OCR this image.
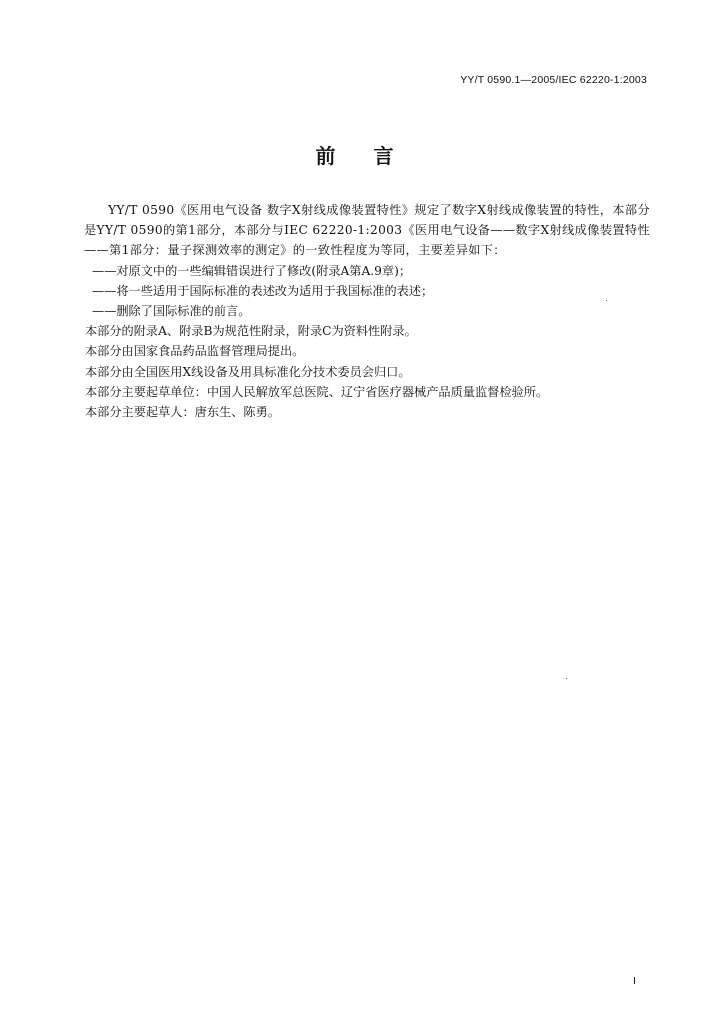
YY/T 0590.1—2005/IEC 62220-1:2003
前言

YY/T 0590《医用电气设备 数字X射线成像装置特性》规定了数字X射线成像装置的特性，本部分是YY/T 0590的第1部分，本部分与IEC 62220-1:2003《医用电气设备——数字X射线成像装置特性——第1部分：量子探测效率的测定》的一致性程度为等同，主要差异如下：

——对原文中的一些编辑错误进行了修改(附录A第A.9章)；

——将一些适用于国际标准的表述改为适用于我国标准的表述；

——删除了国际标准的前言。

本部分的附录A、附录B为规范性附录，附录C为资料性附录。

本部分由国家食品药品监督管理局提出。

本部分由全国医用X线设备及用具标准化分技术委员会归口。

本部分主要起草单位：中国人民解放军总医院、辽宁省医疗器械产品质量监督检验所。

本部分主要起草人：唐东生、陈勇。

I
